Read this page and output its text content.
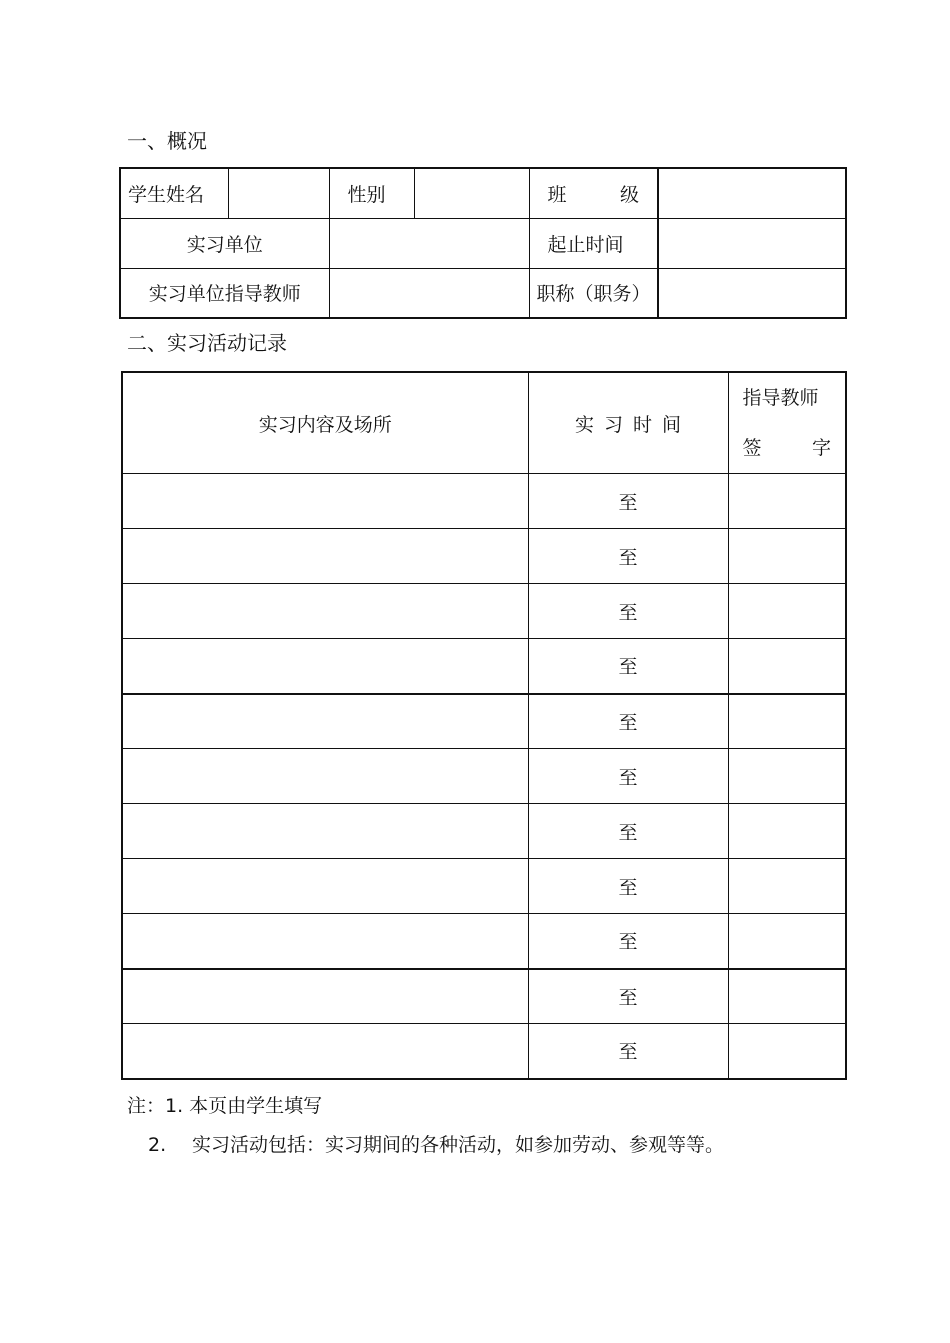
一、概况
学生姓名		性别		班 级	

实习单位				起止时间	
实习单位指导教师				职称（职务）	
二、实习活动记录
实习内容及场所	实习时间	指导教师
签 字

	至	
	至	
	至	
	至	
	至	
	至	
	至	
	至	
	至	
	至	
	至	

注：1. 本页由学生填写

2. 实习活动包括：实习期间的各种活动，如参加劳动、参观等等。
